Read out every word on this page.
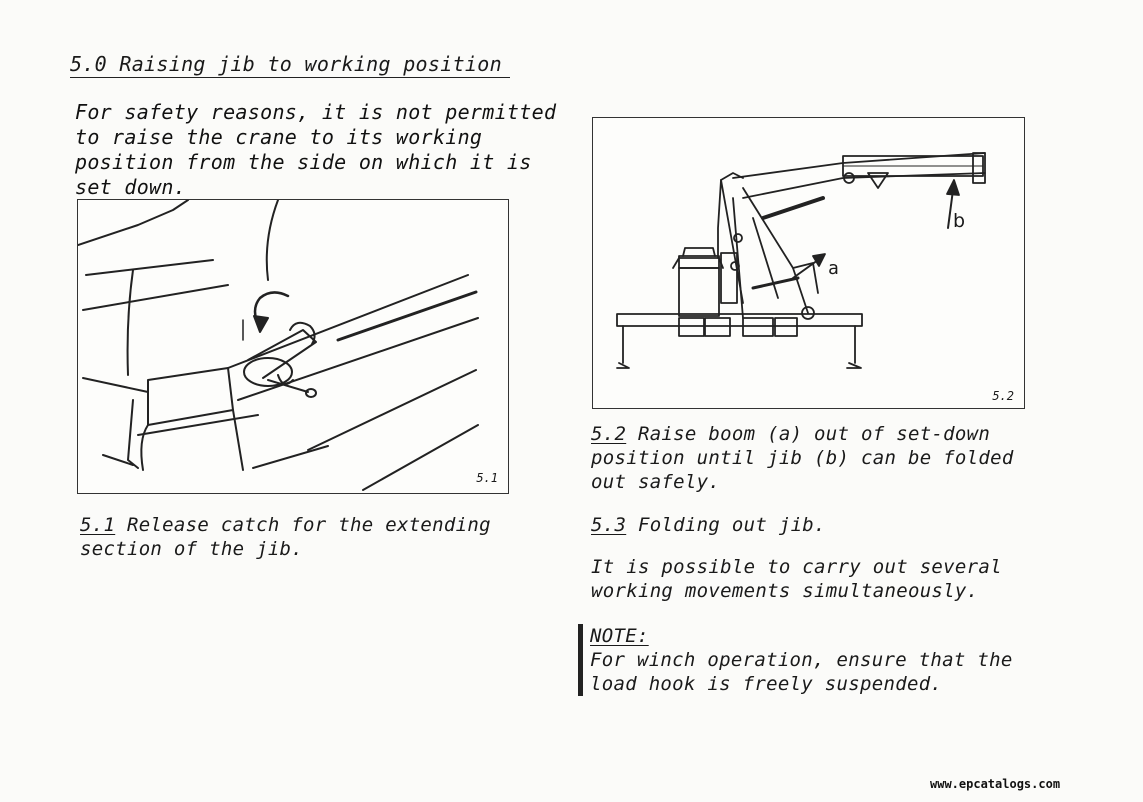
5.0 Raising jib to working position

For safety reasons, it is not permitted
to raise the crane to its working
position from the side on which it is
set down.

5.1
a
b
5.2

5.1 Release catch for the extending
section of the jib.

5.2 Raise boom (a) out of set-down
position until jib (b) can be folded
out safely.

5.3 Folding out jib.

It is possible to carry out several
working movements simultaneously.

NOTE:

For winch operation, ensure that the
load hook is freely suspended.

www.epcatalogs.com
